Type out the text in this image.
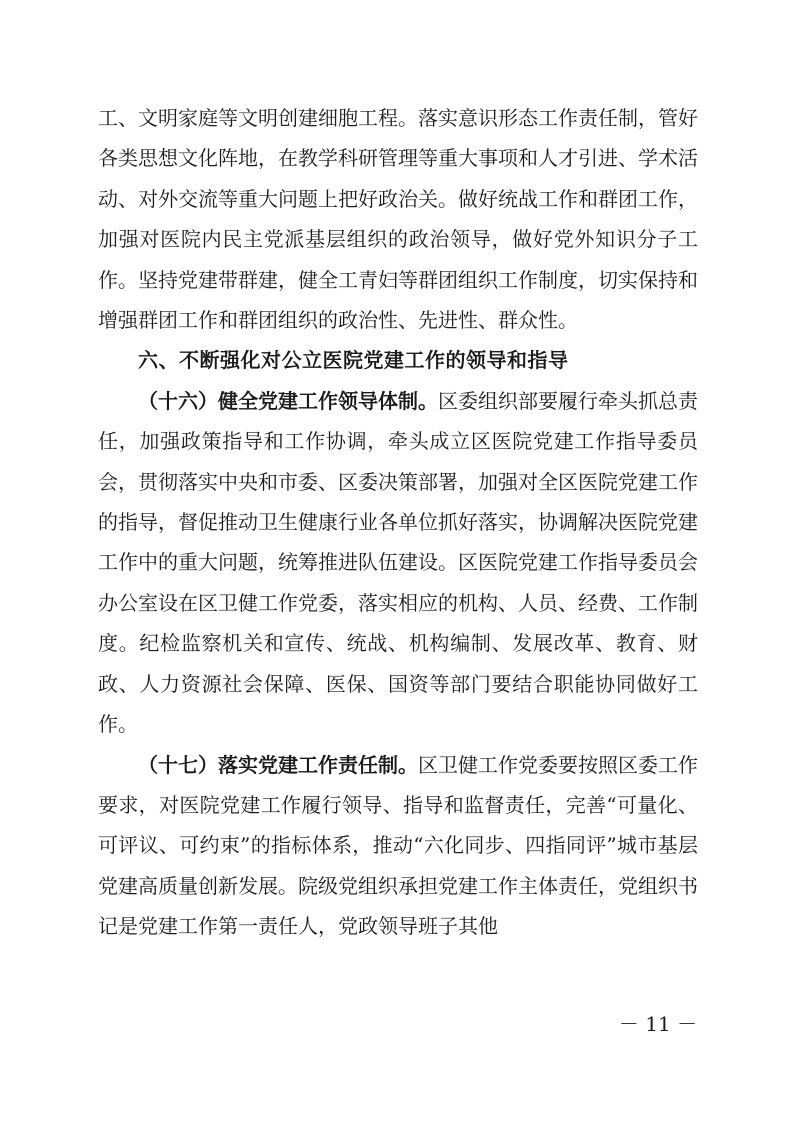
工、文明家庭等文明创建细胞工程。落实意识形态工作责任制，管好各类思想文化阵地，在教学科研管理等重大事项和人才引进、学术活动、对外交流等重大问题上把好政治关。做好统战工作和群团工作，加强对医院内民主党派基层组织的政治领导，做好党外知识分子工作。坚持党建带群建，健全工青妇等群团组织工作制度，切实保持和增强群团工作和群团组织的政治性、先进性、群众性。

六、不断强化对公立医院党建工作的领导和指导

（十六）健全党建工作领导体制。区委组织部要履行牵头抓总责任，加强政策指导和工作协调，牵头成立区医院党建工作指导委员会，贯彻落实中央和市委、区委决策部署，加强对全区医院党建工作的指导，督促推动卫生健康行业各单位抓好落实，协调解决医院党建工作中的重大问题，统筹推进队伍建设。区医院党建工作指导委员会办公室设在区卫健工作党委，落实相应的机构、人员、经费、工作制度。纪检监察机关和宣传、统战、机构编制、发展改革、教育、财政、人力资源社会保障、医保、国资等部门要结合职能协同做好工作。

（十七）落实党建工作责任制。区卫健工作党委要按照区委工作要求，对医院党建工作履行领导、指导和监督责任，完善“可量化、可评议、可约束”的指标体系，推动“六化同步、四指同评”城市基层党建高质量创新发展。院级党组织承担党建工作主体责任，党组织书记是党建工作第一责任人，党政领导班子其他

－ 11 －
